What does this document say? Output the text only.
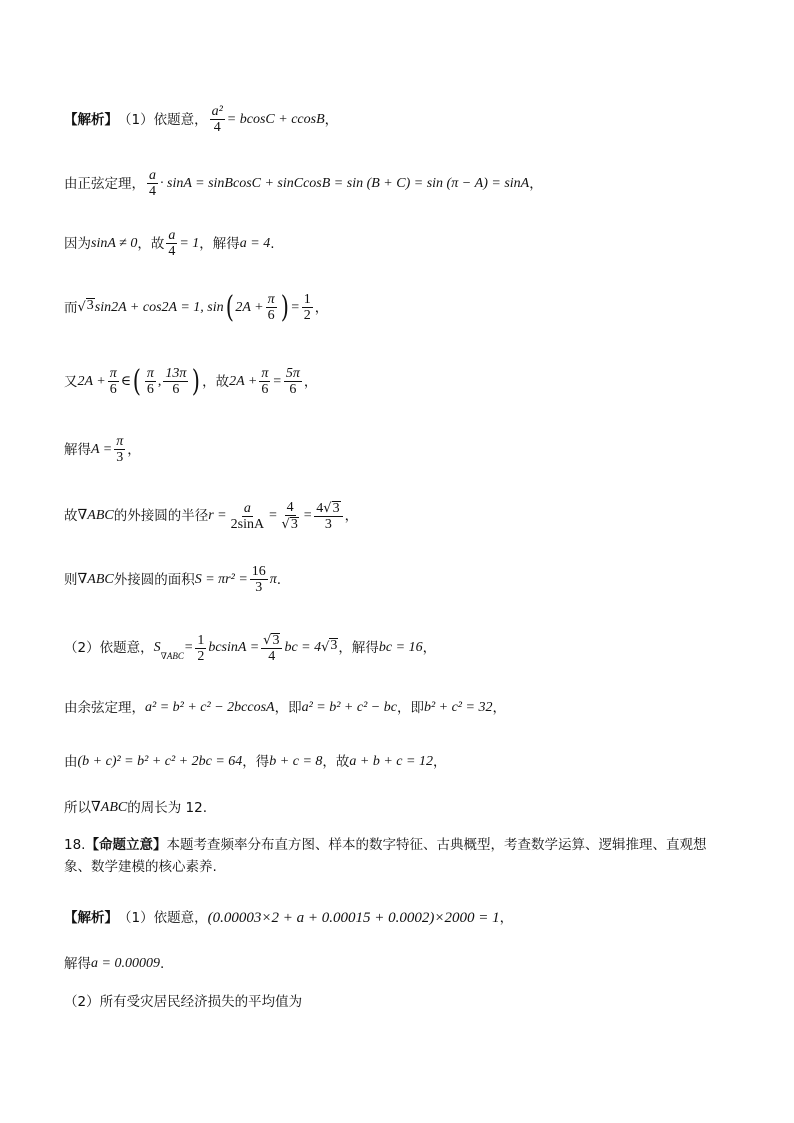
【解析】 （1）依题意， $\frac{\text{a²}}{4} = bcosC + ccosB$ ，
由正弦定理， $\frac{a}{4} \cdot \sin A$ = sinBcosC + sinCcosB = sin (B + C) = sin (π − A) = sinA ，
因为 sinA ≠ 0 ，故 $\frac{a}{4} = 1$ ，解得 a = 4 .
而 √ 3 sin2A + cos2A = 1, sin ( $2A + \frac{\pi}{6}$ ) = $\frac{1}{2}$ ，
又 $2A + \frac{\pi}{6}$ ∈ ( $\frac{\pi}{6}$ , $\frac{13\pi}{6}$ ) ，故 $2A + \frac{\pi}{6} = \frac{5\pi}{6}$ ，
解得 $A = \frac{\pi}{3}$ ，
故 ∇ABC 的外接圆的半径 $r = \frac{a}{2\sin A} = \frac{4}{√ 3} = \frac{4 √ 3}{3}$ ，
则 ∇ABC 外接圆的面积 $S = \pi r^2 = \frac{16}{3}$ π .
（2）依题意， S
∇ABC
= $\frac{1}{2}$ $bcsinA = \frac{√ 3}{4}$ bc = 4 √ 3 ，解得 bc = 16 ，
由余弦定理， a² = b² + c² − 2bccosA ，即 a² = b² + c² − bc ，即 b² + c² = 32 ，
由 (b + c)² = b² + c² + 2bc = 64 ，得 b + c = 8 ，故 a + b + c = 12 ，
所以 ∇ABC 的周长为 12.
18.【命题立意】本题考查频率分布直方图、样本的数字特征、古典概型，考查数学运算、逻辑推理、直观想象、数学建模的核心素养.
【解析】 （1）依题意， (0.00003×2 + a + 0.00015 + 0.0002)×2000 = 1 ，
解得 a = 0.00009 .
（2）所有受灾居民经济损失的平均值为
